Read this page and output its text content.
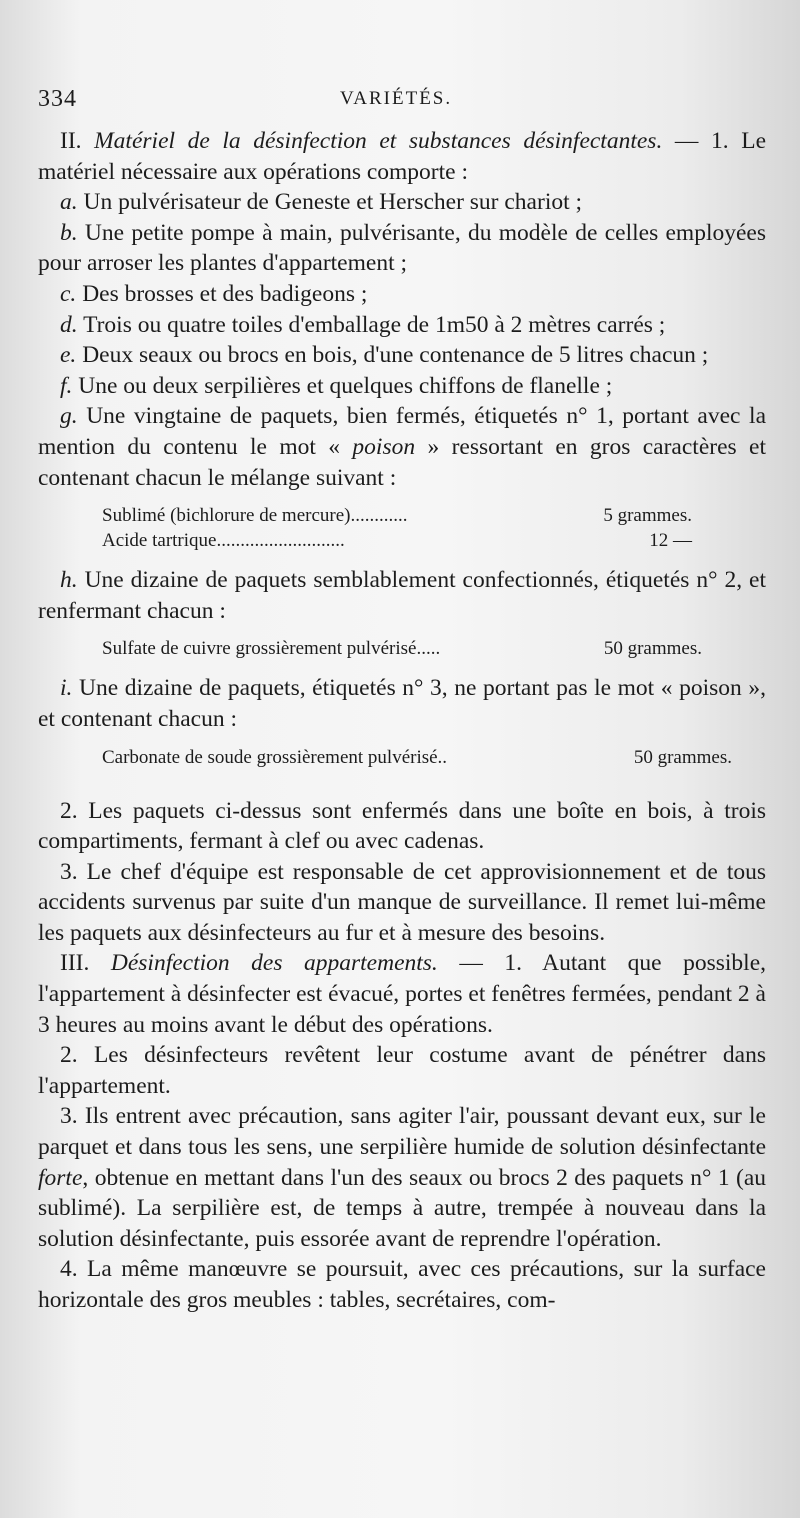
334	VARIÉTÉS.

II. Matériel de la désinfection et substances désinfectantes. — 1. Le matériel nécessaire aux opérations comporte :

a. Un pulvérisateur de Geneste et Herscher sur chariot ;

b. Une petite pompe à main, pulvérisante, du modèle de celles employées pour arroser les plantes d'appartement ;

c. Des brosses et des badigeons ;

d. Trois ou quatre toiles d'emballage de 1m50 à 2 mètres carrés ;

e. Deux seaux ou brocs en bois, d'une contenance de 5 litres chacun ;

f. Une ou deux serpilières et quelques chiffons de flanelle ;

g. Une vingtaine de paquets, bien fermés, étiquetés n° 1, portant avec la mention du contenu le mot « poison » ressortant en gros caractères et contenant chacun le mélange suivant :

Sublimé (bichlorure de mercure)............	5 grammes.
Acide tartrique...........................	12 —

h. Une dizaine de paquets semblablement confectionnés, étiquetés n° 2, et renfermant chacun :

Sulfate de cuivre grossièrement pulvérisé.....	50 grammes.

i. Une dizaine de paquets, étiquetés n° 3, ne portant pas le mot « poison », et contenant chacun :

Carbonate de soude grossièrement pulvérisé..	50 grammes.

2. Les paquets ci-dessus sont enfermés dans une boîte en bois, à trois compartiments, fermant à clef ou avec cadenas.

3. Le chef d'équipe est responsable de cet approvisionnement et de tous accidents survenus par suite d'un manque de surveillance. Il remet lui-même les paquets aux désinfecteurs au fur et à mesure des besoins.

III. Désinfection des appartements. — 1. Autant que possible, l'appartement à désinfecter est évacué, portes et fenêtres fermées, pendant 2 à 3 heures au moins avant le début des opérations.

2. Les désinfecteurs revêtent leur costume avant de pénétrer dans l'appartement.

3. Ils entrent avec précaution, sans agiter l'air, poussant devant eux, sur le parquet et dans tous les sens, une serpilière humide de solution désinfectante forte, obtenue en mettant dans l'un des seaux ou brocs 2 des paquets n° 1 (au sublimé). La serpilière est, de temps à autre, trempée à nouveau dans la solution désinfectante, puis essorée avant de reprendre l'opération.

4. La même manœuvre se poursuit, avec ces précautions, sur la surface horizontale des gros meubles : tables, secrétaires, com-
